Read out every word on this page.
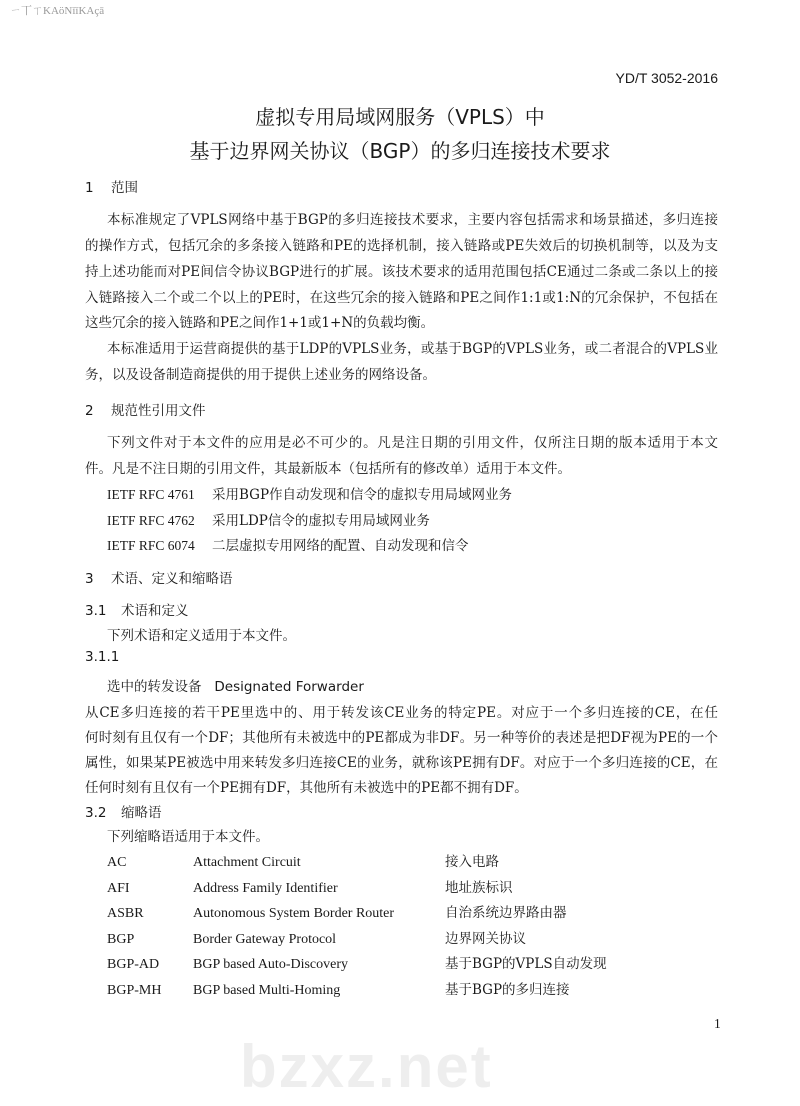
ㄧ丅ㄒKAöNǐǐKAçā
bzxz.net
YD/T 3052-2016
虚拟专用局域网服务（VPLS）中
基于边界网关协议（BGP）的多归连接技术要求
1 范围
本标准规定了VPLS网络中基于BGP的多归连接技术要求，主要内容包括需求和场景描述，多归连接
的操作方式，包括冗余的多条接入链路和PE的选择机制，接入链路或PE失效后的切换机制等，以及为支
持上述功能而对PE间信令协议BGP进行的扩展。该技术要求的适用范围包括CE通过二条或二条以上的接
入链路接入二个或二个以上的PE时，在这些冗余的接入链路和PE之间作1:1或1:N的冗余保护，不包括在
这些冗余的接入链路和PE之间作1+1或1+N的负载均衡。
本标准适用于运营商提供的基于LDP的VPLS业务，或基于BGP的VPLS业务，或二者混合的VPLS业
务，以及设备制造商提供的用于提供上述业务的网络设备。
2 规范性引用文件
下列文件对于本文件的应用是必不可少的。凡是注日期的引用文件，仅所注日期的版本适用于本文
件。凡是不注日期的引用文件，其最新版本（包括所有的修改单）适用于本文件。
IETF RFC 4761 采用BGP作自动发现和信令的虚拟专用局域网业务
IETF RFC 4762 采用LDP信令的虚拟专用局域网业务
IETF RFC 6074 二层虚拟专用网络的配置、自动发现和信令
3 术语、定义和缩略语
3.1 术语和定义
下列术语和定义适用于本文件。
3.1.1
选中的转发设备 Designated Forwarder
从CE多归连接的若干PE里选中的、用于转发该CE业务的特定PE。对应于一个多归连接的CE，在任
何时刻有且仅有一个DF；其他所有未被选中的PE都成为非DF。另一种等价的表述是把DF视为PE的一个
属性，如果某PE被选中用来转发多归连接CE的业务，就称该PE拥有DF。对应于一个多归连接的CE，在
任何时刻有且仅有一个PE拥有DF，其他所有未被选中的PE都不拥有DF。
3.2 缩略语
下列缩略语适用于本文件。
AC	Attachment Circuit	接入电路
AFI	Address Family Identifier	地址族标识
ASBR	Autonomous System Border Router	自治系统边界路由器
BGP	Border Gateway Protocol	边界网关协议
BGP-AD BGP based Auto-Discovery	基于BGP的VPLS自动发现
BGP-MH BGP based Multi-Homing	基于BGP的多归连接
1
